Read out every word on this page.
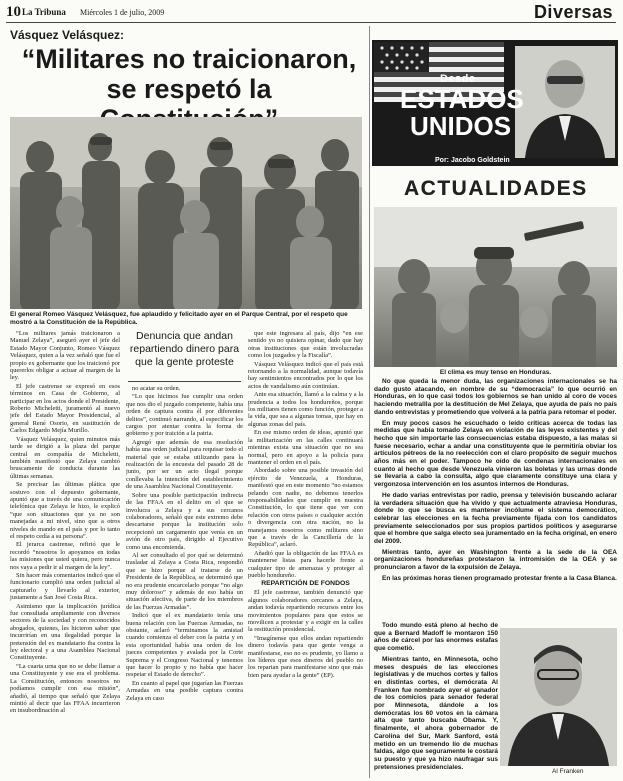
10 La Tribuna Miércoles 1 de julio, 2009	Diversas
Vásquez Velásquez:
“Militares no traicionaron, se respetó la
El general Romeo Vásquez Velásquez, fue aplaudido y felicitado ayer en el Parque Central, por el respeto que mostró a la Constitución de la República.

“Los militares jamás traicionaron a Manuel Zelaya”, aseguró ayer el jefe del Estado Mayor Conjunto, Romeo Vásquez Velásquez, quien a la vez señaló que fue el propio ex gobernante que los traicionó por quererlos obligar a actuar al margen de la ley.

El jefe castrense se expresó en esos términos en Casa de Gobierno, al participar en los actos donde el Presidente, Roberto Micheletti, juramentó al nuevo jefe del Estado Mayor Presidencial, al general René Osorio, en sustitución de Carlos Edgardo Mejía Murillo.

Vásquez Velásquez, quien minutos más tarde se dirigió a la plaza del parque central en compañía de Micheletti, también manifestó que Zelaya cambió bruscamente de conducta durante las últimas semanas.

Se precisar las últimas plática que sostuvo con el depuesto gobernante, apuntó que a través de una comunicación telefónica que Zelaya le hizo, le explicó “que son situaciones que ya no son manejadas a mi nivel, sino que a otros niveles de mando en el país y por lo tanto el respeto cedía a su persona”.

El jerarca castrense, refirió que le recordó “nosotros lo apoyamos en todas las misiones que usted quiera, pero nunca nos vaya a pedir ir al margen de la ley”.

Sin hacer más comentarios indicó que el funcionario cumplió una orden judicial al capturarlo y llevarlo al exterior, justamente a San José Costa Rica.

Asimismo que la implicación jurídica fue consultada ampliamente con diversos sectores de la sociedad y con reconocidos abogados, quienes, les hicieron saber que incurrirían en una ilegalidad porque la pretensión del ex mandatario iba contra la ley electoral y a una Asamblea Nacional Constituyente.

“La cuarta urna que no se debe llamar a una Constituyente y ese era el problema. La Constitución, entonces nosotros no podíamos cumplir con esa misión”, añadió, al tiempo que señaló que Zelaya mintió al decir que las FFAA incurrieron en insubordinación al

Denuncia que andan repartiendo dinero para que la gente proteste

no acatar su orden.

“Lo que hicimos fue cumplir una orden que nos dio el juzgado competente, había una orden de captura contra él por diferentes delitos”, continuó narrando, al especificar los cargos por atentar contra la forma de gobierno y por traición a la patria.

Agregó que además de esa resolución había una orden judicial para requisar todo el material que se estaba utilizando para la realización de la encuesta del pasado 28 de junio, por ser un acto ilegal porque conllevaba la intención del establecimiento de una Asamblea Nacional Constituyente.

Sobre una posible participación indirecta de las FFAA en el delito en el que se involucra a Zelaya y a sus cercanos colaboradores, señaló que este extremo debe descartarse porque la institución solo recepcionó un cargamento que venía en un avión de otro país, dirigido al Ejecutivo como una encomienda.

Al ser consultado el por qué se determinó trasladar al Zelaya a Costa Rica, respondió que se hizo porque al tratarse de un Presidente de la República, se determinó que no era prudente encarcelarlo porque “no algo muy doloroso” y además de eso había un situación afectiva, de parte de los miembros de las Fuerzas Armadas”.

Indicó que el ex mandatario tenía una buena relación con las Fuerzas Armadas, no obstante, aclaró “terminamos la amistad cuando comienza el deber con la patria y en esta oportunidad había una orden de los jueces competentes y avalada por la Corte Suprema y el Congreso Nacional y tenemos que hacer lo propio y no había que hacer respetar el Estado de derecho”.

En cuanto al papel que jugarían las Fuerzas Armadas en una posible captura contra Zelaya en caso

que este ingresara al país, dijo “en ese sentido yo no quisiera opinar, dado que hay otras instituciones que están involucradas como los juzgados y la Fiscalía”.

Vásquez Velásquez indicó que el país está retornando a la normalidad, aunque todavía hay sentimientos encontrados por lo que los actos de vandalismo aún continúan.

Ante esa situación, llamó a la calma y a la prudencia a todos los hondureños, porque los militares tienen como función, proteger a la vida, que sea a algunas tomas, que hay en algunas zonas del país.

En ese mismo orden de ideas, apuntó que la militarización en las calles continuará mientras exista una situación que no sea normal, pero en apoyo a la policía para mantener el orden en el país.

Abordado sobre una posible invasión del ejército de Venezuela, a Honduras, manifestó que en este momento “no estamos pelando con nadie, no debemos tenerlos responsabilidades que cumplir en nuestra Constitución, lo que tiene que ver con relación con otros países o cualquier acción o divergencia con otra nación, no la manejamos nosotros como militares sino que a través de la Cancillería de la República”, aclaró.

Añadió que la obligación de las FFAA es mantenerse listas para hacerle frente a cualquier tipo de amenazas y proteger al pueblo hondureño.

REPARTICIÓN DE FONDOS

El jefe castrense, también denunció que algunos colaboradores cercanos a Zelaya, andan todavía repartiendo recursos entre los movimientos populares para que estos se movilicen a protestar y a exigir en la calles la restitución presidencial.

“Imagínense que ellos andan repartiendo dinero todavía para que gente venga a manifestarse, eso no es prudente, yo llamo a los líderes que esos dineros del pueblo no los repartan para manifestarse sino que más bien para ayudar a la gente” (EP).

Desde
ESTADOS
UNIDOS
Por: Jacobo Goldstein
ACTUALIDADES
El clima es muy tenso en Honduras.

No que queda la menor duda, las organizaciones internacionales se ha dado gusto atacando, en nombre de su “democracia” lo que ocurrió en Honduras, en lo que casi todos los gobiernos se han unido al coro de voces haciendo metrallla por la destitución de Mel Zelaya, que ayuda de país no país dando entrevistas y prometiendo que volverá a la patria para retomar el poder.

En muy pocos casos he escuchado o leído críticas acerca de todas las medidas que había tomado Zelaya en violación de las leyes existentes y del hecho que sin importarle las consecuencias estaba dispuesto, a las malas si fuese necesario, echar a andar una constituyente que le permitiría obviar los artículos pétreos de la no reelección con el claro propósito de seguir muchos años más en el poder. Tampoco he oído de condenas internacionales en cuanto al hecho que desde Venezuela vinieron las boletas y las urnas donde se llevaría a cabo la consulta, algo que claramente constituye una clara y vergonzosa intervención en los asuntos internos de Honduras.

He dado varias entrevistas por radio, prensa y televisión buscando aclarar la verdadera situación que ha vivido y que actualmente atraviesa Honduras, donde lo que se busca es mantener incólume el sistema democrático, celebrar las elecciones en la fecha previamente fijada con los candidatos previamente seleccionados por sus propios partidos políticos y asegurarse que el hombre que salga electo sea juramentado en la fecha original, en enero del 2009.

Mientras tanto, ayer en Washington frente a la sede de la OEA organizaciones hondureñas protestaron la intromisión de la OEA y se pronunciaron a favor de la expulsión de Zelaya.

En las próximas horas tienen programado protestar frente a la Casa Blanca.

Todo mundo está pleno al hecho de que a Bernard Madoff le montaron 150 años de cárcel por las enormes estafas que cometió.

Mientras tanto, en Minnesota, ocho meses después de las elecciones legislativas y de muchos cortes y fallos en distintas cortes, el demócrata Al Franken fue nombrado ayer el ganador de los comicios para senador federal por Minnesota, dándole a los demócratas los 60 votos en la cámara alta que tanto buscaba Obama. Y, finalmente, el ahora gobernador de Carolina del Sur, Mark Sanford, está metido en un tremendo lío de muchas faldas, algo que seguramente le costará su puesto y que ya hizo naufragar sus pretensiones presidenciales.

Al Franken
